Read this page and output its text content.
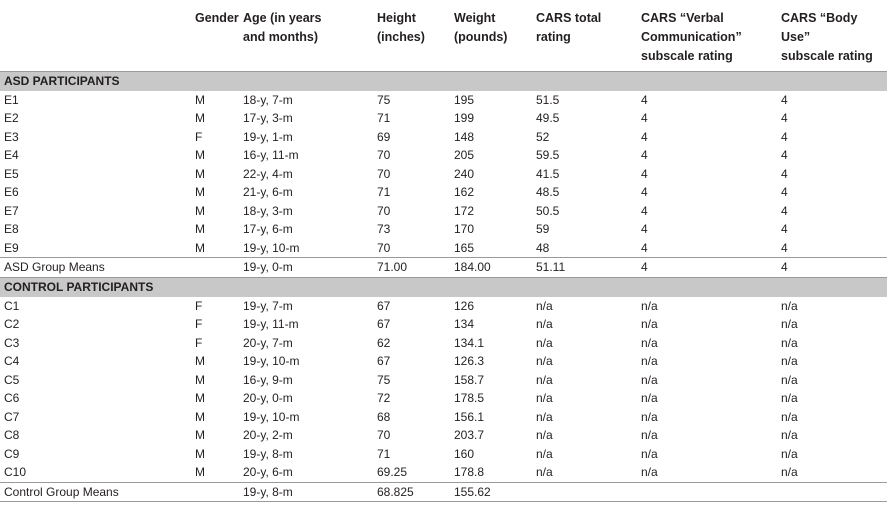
	Gender	Age (in years
and months)	Height
(inches)	Weight
(pounds)	CARS total
rating	CARS “Verbal
Communication”
subscale rating	CARS “Body Use”
subscale rating
ASD PARTICIPANTS							
E1	M	18-y, 7-m	75	195	51.5	4	4
E2	M	17-y, 3-m	71	199	49.5	4	4
E3	F	19-y, 1-m	69	148	52	4	4
E4	M	16-y, 11-m	70	205	59.5	4	4
E5	M	22-y, 4-m	70	240	41.5	4	4
E6	M	21-y, 6-m	71	162	48.5	4	4
E7	M	18-y, 3-m	70	172	50.5	4	4
E8	M	17-y, 6-m	73	170	59	4	4
E9	M	19-y, 10-m	70	165	48	4	4
ASD Group Means		19-y, 0-m	71.00	184.00	51.11	4	4
CONTROL PARTICIPANTS							
C1	F	19-y, 7-m	67	126	n/a	n/a	n/a
C2	F	19-y, 11-m	67	134	n/a	n/a	n/a
C3	F	20-y, 7-m	62	134.1	n/a	n/a	n/a
C4	M	19-y, 10-m	67	126.3	n/a	n/a	n/a
C5	M	16-y, 9-m	75	158.7	n/a	n/a	n/a
C6	M	20-y, 0-m	72	178.5	n/a	n/a	n/a
C7	M	19-y, 10-m	68	156.1	n/a	n/a	n/a
C8	M	20-y, 2-m	70	203.7	n/a	n/a	n/a
C9	M	19-y, 8-m	71	160	n/a	n/a	n/a
C10	M	20-y, 6-m	69.25	178.8	n/a	n/a	n/a
Control Group Means		19-y, 8-m	68.825	155.62			
